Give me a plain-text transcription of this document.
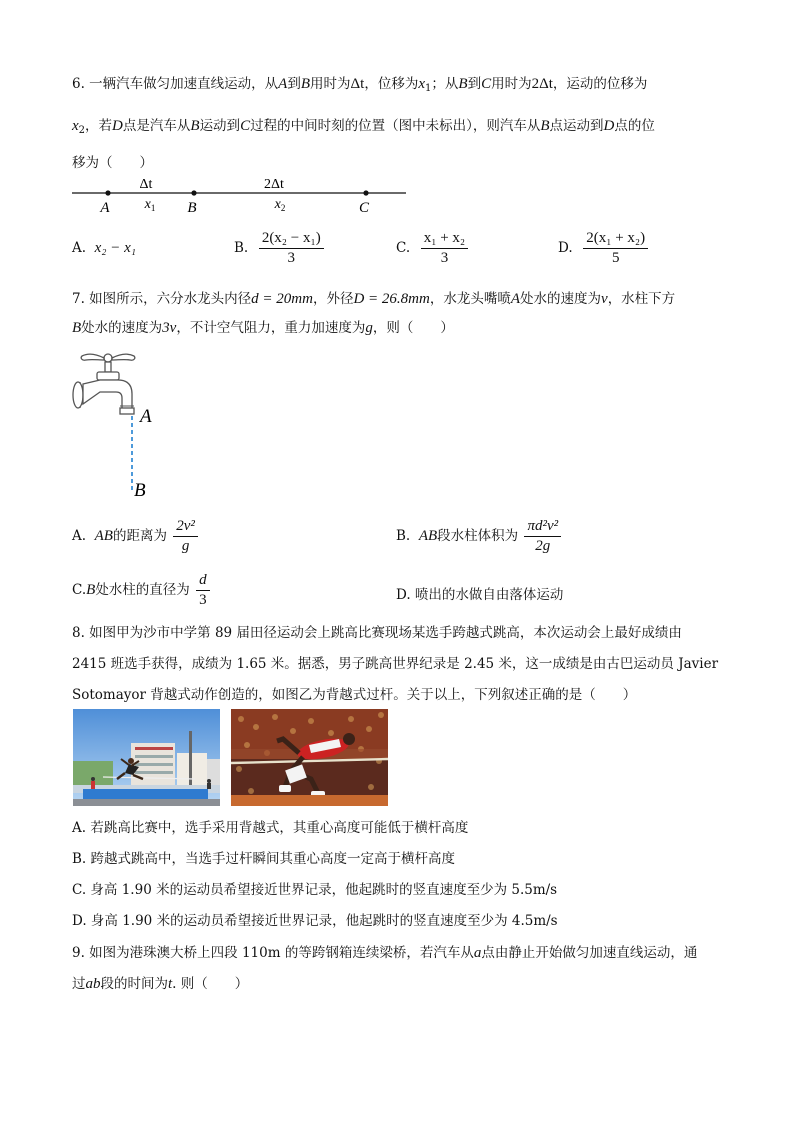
6. 一辆汽车做匀加速直线运动，从A到B用时为Δt，位移为$x_1$；从B到C用时为2Δt，运动的位移为
$x_2$，若D点是汽车从B运动到C过程的中间时刻的位置（图中未标出），则汽车从B点运动到D点的位
移为（　　）
Δt	2Δt
$x_1$	$x_2$
A	B	C
A. x₂ − x₁	B. $\frac{\text{2(x₂ − x₁)}}{3}$	C. $\frac{\text{x₁ + x₂}}{3}$	D. $\frac{\text{2(x₁ + x₂)}}{5}$
7. 如图所示，六分水龙头内径d = 20mm，外径D = 26.8mm，水龙头嘴喷A处水的速度为v，水柱下方
B处水的速度为3v，不计空气阻力，重力加速度为g，则（　　）
A
B
A. AB的距离为 $\frac{\text{2v²}}{g}$	B. AB段水柱体积为 $\frac{\text{πd²v²}}{2g}$
C.B处水柱的直径为 $\frac{d}{3}$	D. 喷出的水做自由落体运动
8. 如图甲为沙市中学第 89 届田径运动会上跳高比赛现场某选手跨越式跳高，本次运动会上最好成绩由
2415 班选手获得，成绩为 1.65 米。据悉，男子跳高世界纪录是 2.45 米，这一成绩是由古巴运动员 Javier
Sotomayor 背越式动作创造的，如图乙为背越式过杆。关于以上，下列叙述正确的是（　　）
A. 若跳高比赛中，选手采用背越式，其重心高度可能低于横杆高度
B. 跨越式跳高中，当选手过杆瞬间其重心高度一定高于横杆高度
C. 身高 1.90 米的运动员希望接近世界记录，他起跳时的竖直速度至少为 5.5m/s
D. 身高 1.90 米的运动员希望接近世界记录，他起跳时的竖直速度至少为 4.5m/s
9. 如图为港珠澳大桥上四段 110m 的等跨钢箱连续梁桥，若汽车从a点由静止开始做匀加速直线运动，通
过ab段的时间为t. 则（　　）
